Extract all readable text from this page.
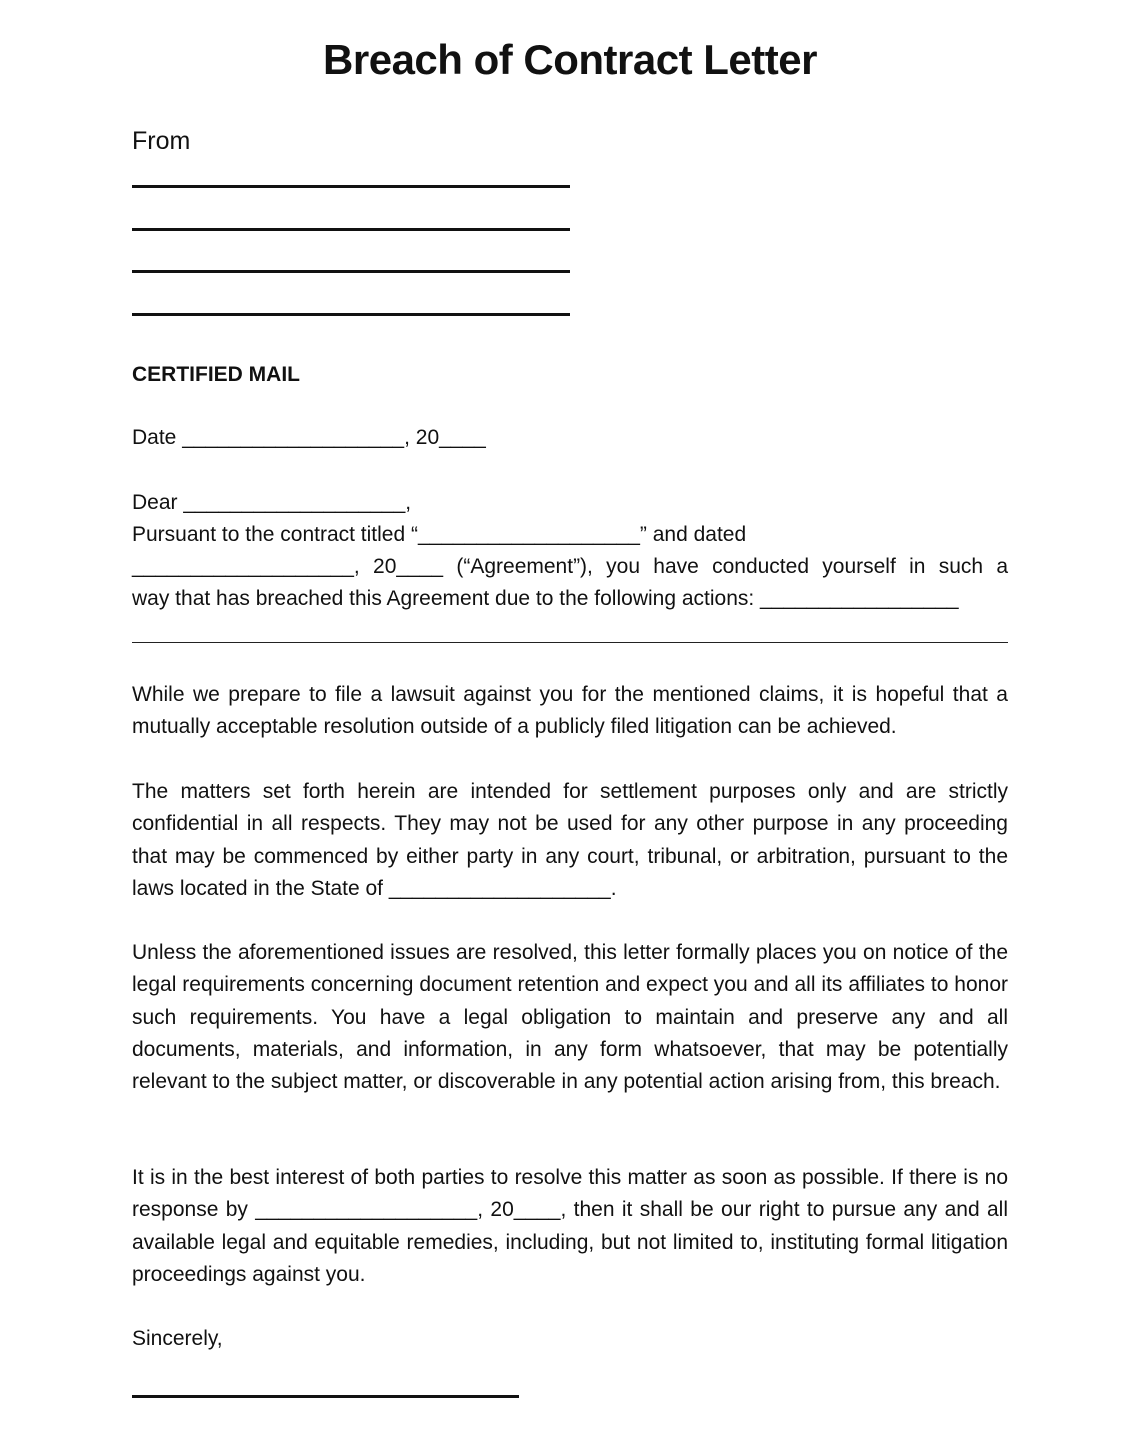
Breach of Contract Letter
From
CERTIFIED MAIL

Date ___________________, 20____

Dear ___________________,

Pursuant to the contract titled “___________________” and dated

___________________, 20____ (“Agreement”), you have conducted yourself in such a

way that has breached this Agreement due to the following actions: _________________

While we prepare to file a lawsuit against you for the mentioned claims, it is hopeful that a mutually acceptable resolution outside of a publicly filed litigation can be achieved.

The matters set forth herein are intended for settlement purposes only and are strictly confidential in all respects. They may not be used for any other purpose in any proceeding that may be commenced by either party in any court, tribunal, or arbitration, pursuant to the laws located in the State of ___________________.

Unless the aforementioned issues are resolved, this letter formally places you on notice of the legal requirements concerning document retention and expect you and all its affiliates to honor such requirements. You have a legal obligation to maintain and preserve any and all documents, materials, and information, in any form whatsoever, that may be potentially relevant to the subject matter, or discoverable in any potential action arising from, this breach.

It is in the best interest of both parties to resolve this matter as soon as possible. If there is no response by ___________________, 20____, then it shall be our right to pursue any and all available legal and equitable remedies, including, but not limited to, instituting formal litigation proceedings against you.

Sincerely,
